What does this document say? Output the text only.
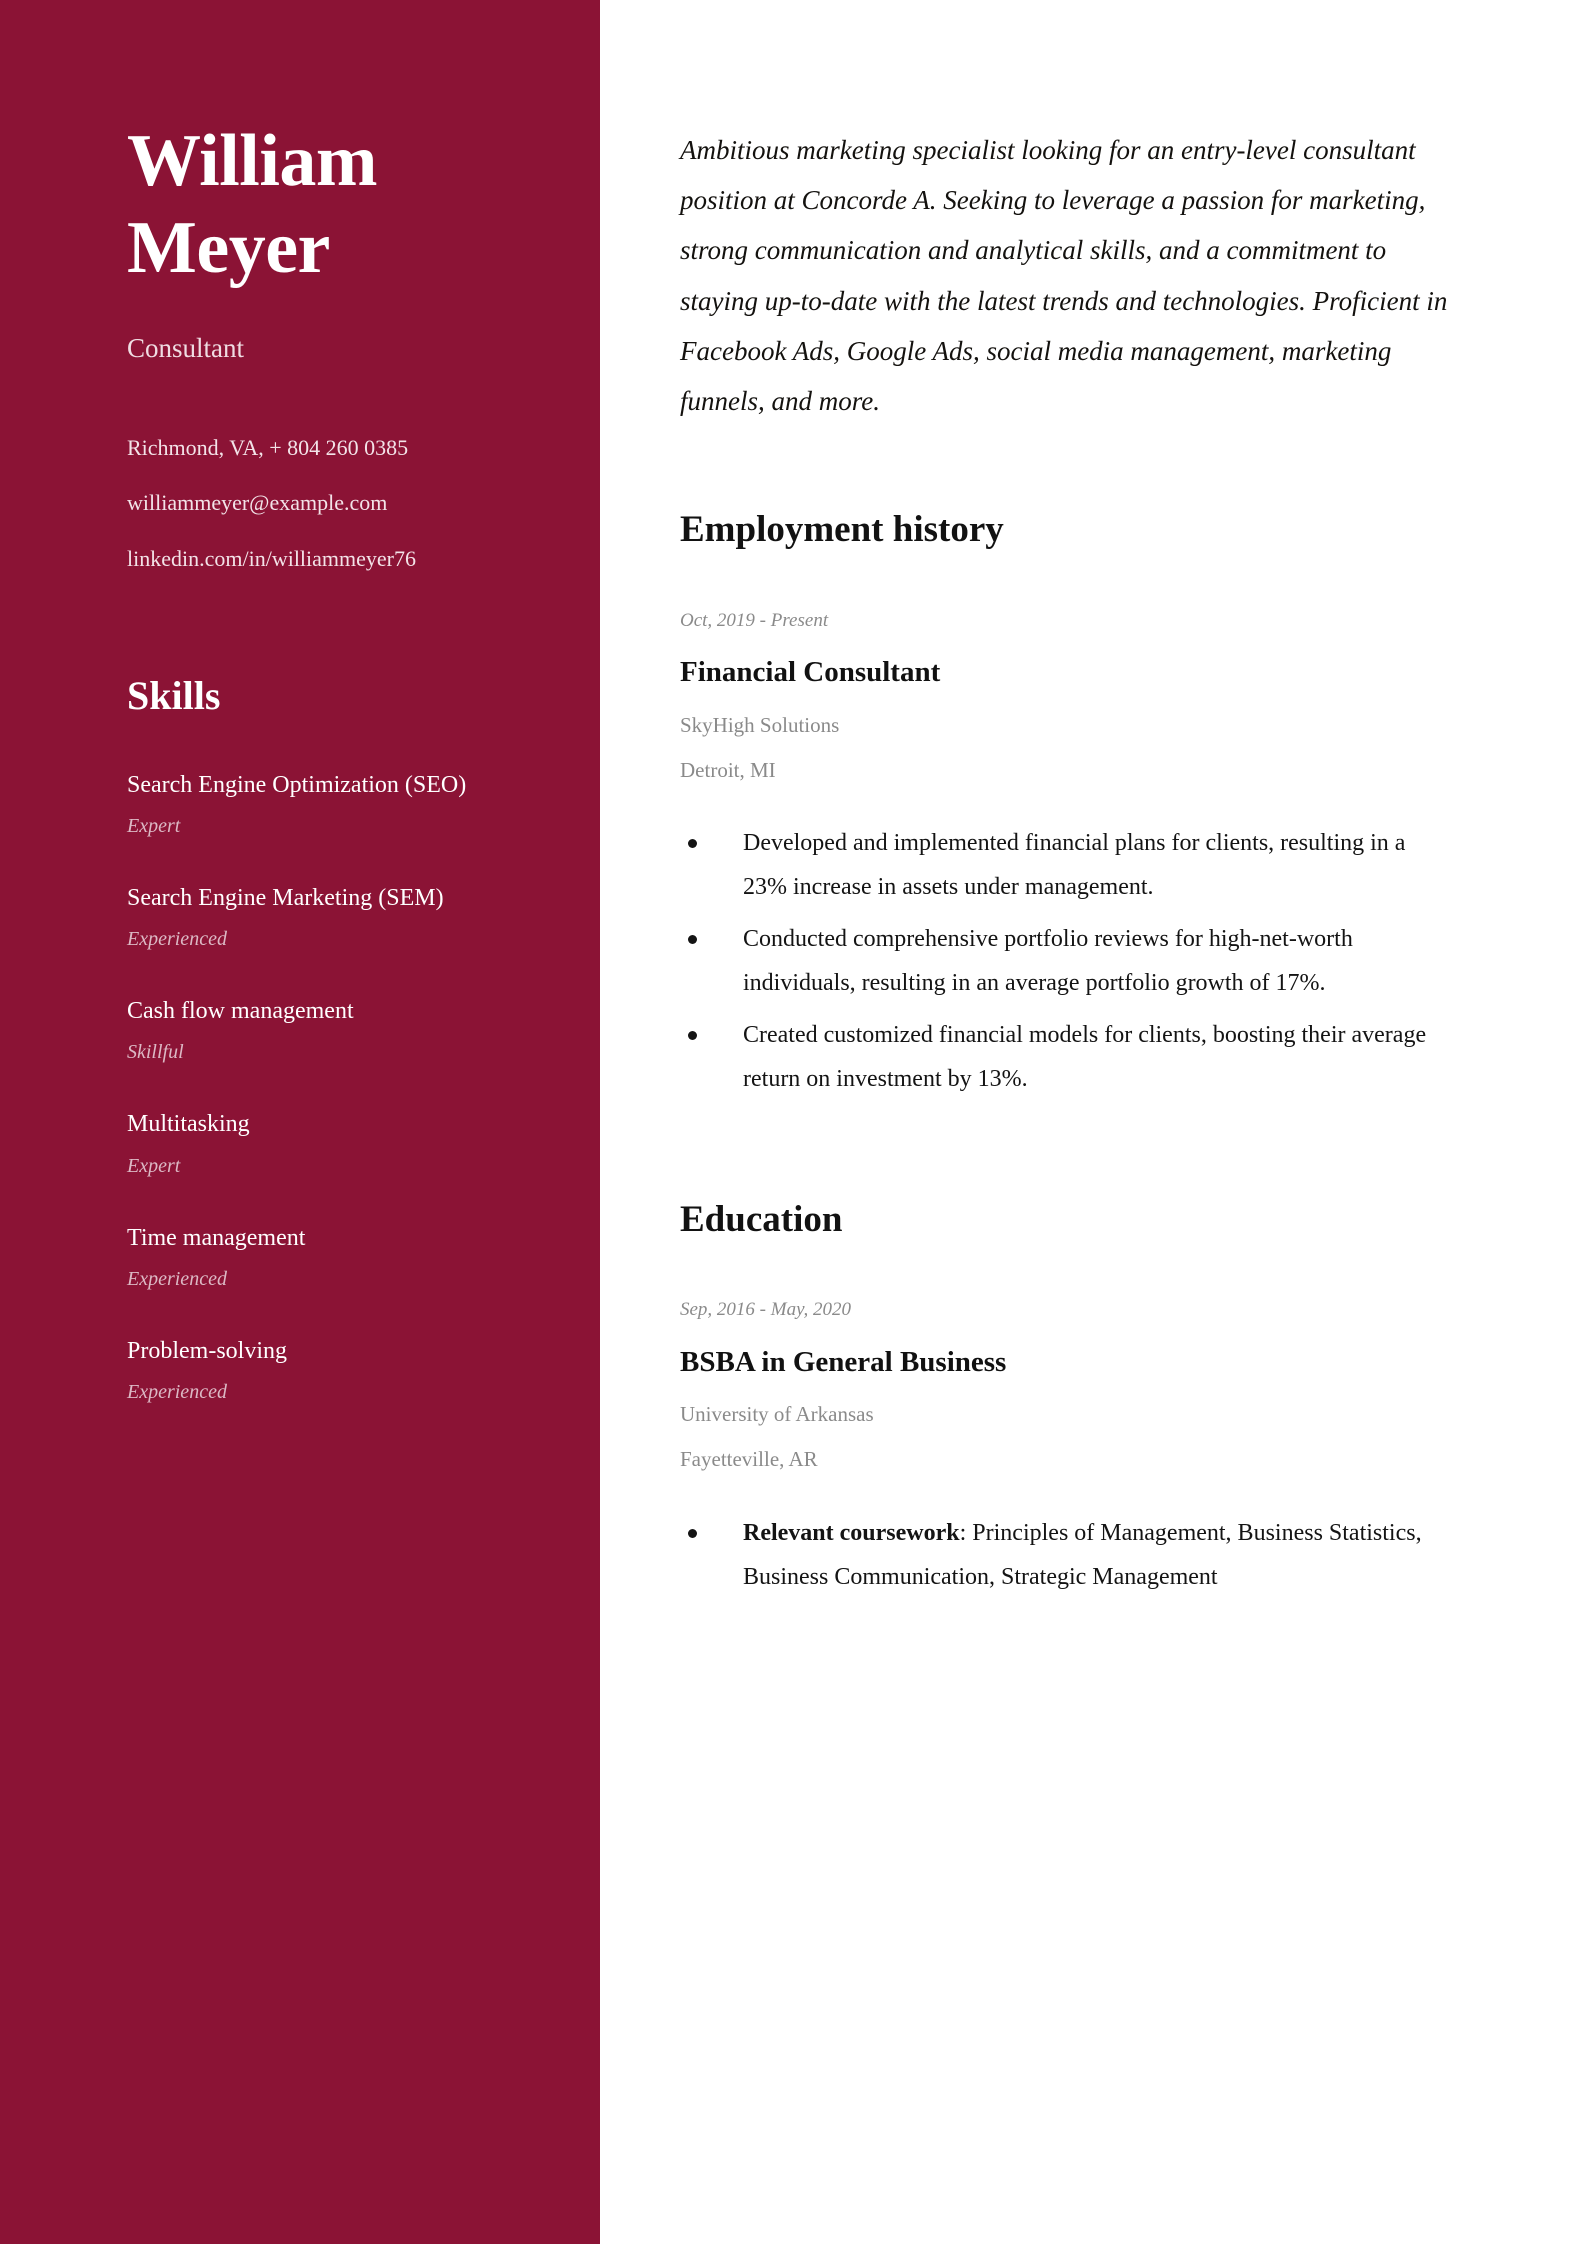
William Meyer
Consultant
Richmond, VA, + 804 260 0385
williammeyer@example.com
linkedin.com/in/williammeyer76
Skills
Search Engine Optimization (SEO)
Expert
Search Engine Marketing (SEM)
Experienced
Cash flow management
Skillful
Multitasking
Expert
Time management
Experienced
Problem-solving
Experienced

Ambitious marketing specialist looking for an entry-level consultant position at Concorde A. Seeking to leverage a passion for marketing, strong communication and analytical skills, and a commitment to staying up-to-date with the latest trends and technologies. Proficient in Facebook Ads, Google Ads, social media management, marketing funnels, and more.

Employment history
Oct, 2019 - Present
Financial Consultant
SkyHigh Solutions
Detroit, MI
Developed and implemented financial plans for clients, resulting in a 23% increase in assets under management.
Conducted comprehensive portfolio reviews for high-net-worth individuals, resulting in an average portfolio growth of 17%.
Created customized financial models for clients, boosting their average return on investment by 13%.
Education
Sep, 2016 - May, 2020
BSBA in General Business
University of Arkansas
Fayetteville, AR
Relevant coursework: Principles of Management, Business Statistics, Business Communication, Strategic Management
